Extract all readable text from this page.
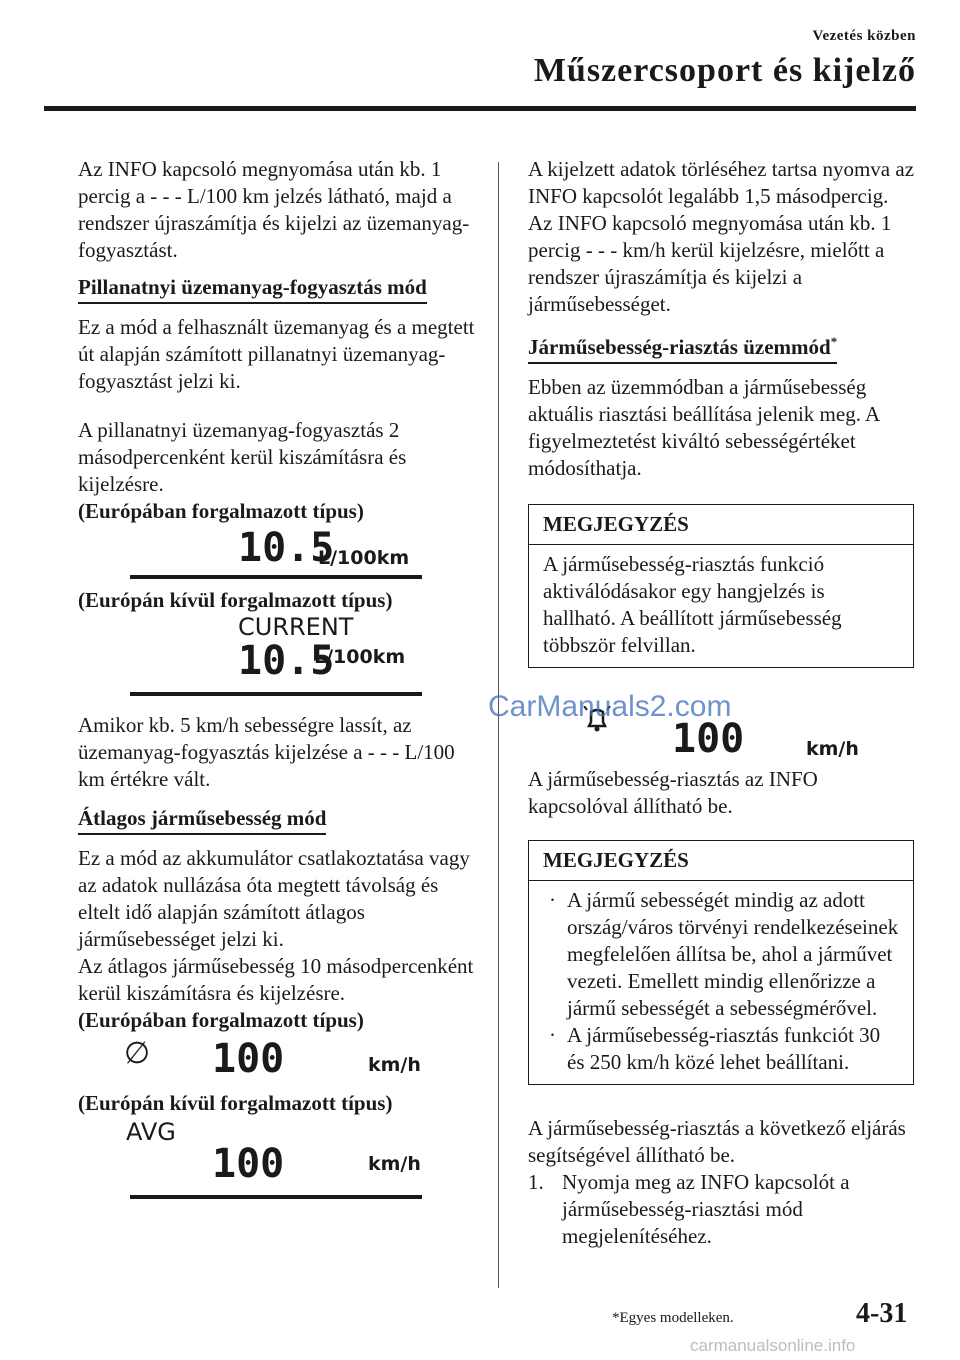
Vezetés közben
Műszercsoport és kijelző

Az INFO kapcsoló megnyomása után kb. 1 percig a - - - L/100 km jelzés látható, majd a rendszer újraszámítja és kijelzi az üzemanyag-fogyasztást.

Pillanatnyi üzemanyag-fogyasztás mód

Ez a mód a felhasznált üzemanyag és a megtett út alapján számított pillanatnyi üzemanyag-fogyasztást jelzi ki.

A pillanatnyi üzemanyag-fogyasztás 2 másodpercenként kerül kiszámításra és kijelzésre.

(Európában forgalmazott típus)

10.5
L/100km

(Európán kívül forgalmazott típus)

CURRENT
10.5
L/100km

Amikor kb. 5 km/h sebességre lassít, az üzemanyag-fogyasztás kijelzése a - - - L/100 km értékre vált.

Átlagos járműsebesség mód

Ez a mód az akkumulátor csatlakoztatása vagy az adatok nullázása óta megtett távolság és eltelt idő alapján számított átlagos járműsebességet jelzi ki.

Az átlagos járműsebesség 10 másodpercenként kerül kiszámításra és kijelzésre.

(Európában forgalmazott típus)

∅ 100	km/h

(Európán kívül forgalmazott típus)

AVG
100	km/h

A kijelzett adatok törléséhez tartsa nyomva az INFO kapcsolót legalább 1,5 másodpercig. Az INFO kapcsoló megnyomása után kb. 1 percig - - - km/h kerül kijelzésre, mielőtt a rendszer újraszámítja és kijelzi a járműsebességet.

Járműsebesség-riasztás üzemmód*

Ebben az üzemmódban a járműsebesség aktuális riasztási beállítása jelenik meg. A figyelmeztetést kiváltó sebességértéket módosíthatja.

MEGJEGYZÉS
A járműsebesség-riasztás funkció aktiválódásakor egy hangjelzés is hallható. A beállított járműsebesség többször felvillan.
100	km/h

A járműsebesség-riasztás az INFO kapcsolóval állítható be.

MEGJEGYZÉS
· A jármű sebességét mindig az adott ország/város törvényi rendelkezéseinek megfelelően állítsa be, ahol a járművet vezeti. Emellett mindig ellenőrizze a jármű sebességét a sebességmérővel.
· A járműsebesség-riasztás funkciót 30 és 250 km/h közé lehet beállítani.

A járműsebesség-riasztás a következő eljárás segítségével állítható be.

1. Nyomja meg az INFO kapcsolót a járműsebesség-riasztási mód megjelenítéséhez.
CarManuals2.com
*Egyes modelleken.	4-31
carmanualsonline.info
